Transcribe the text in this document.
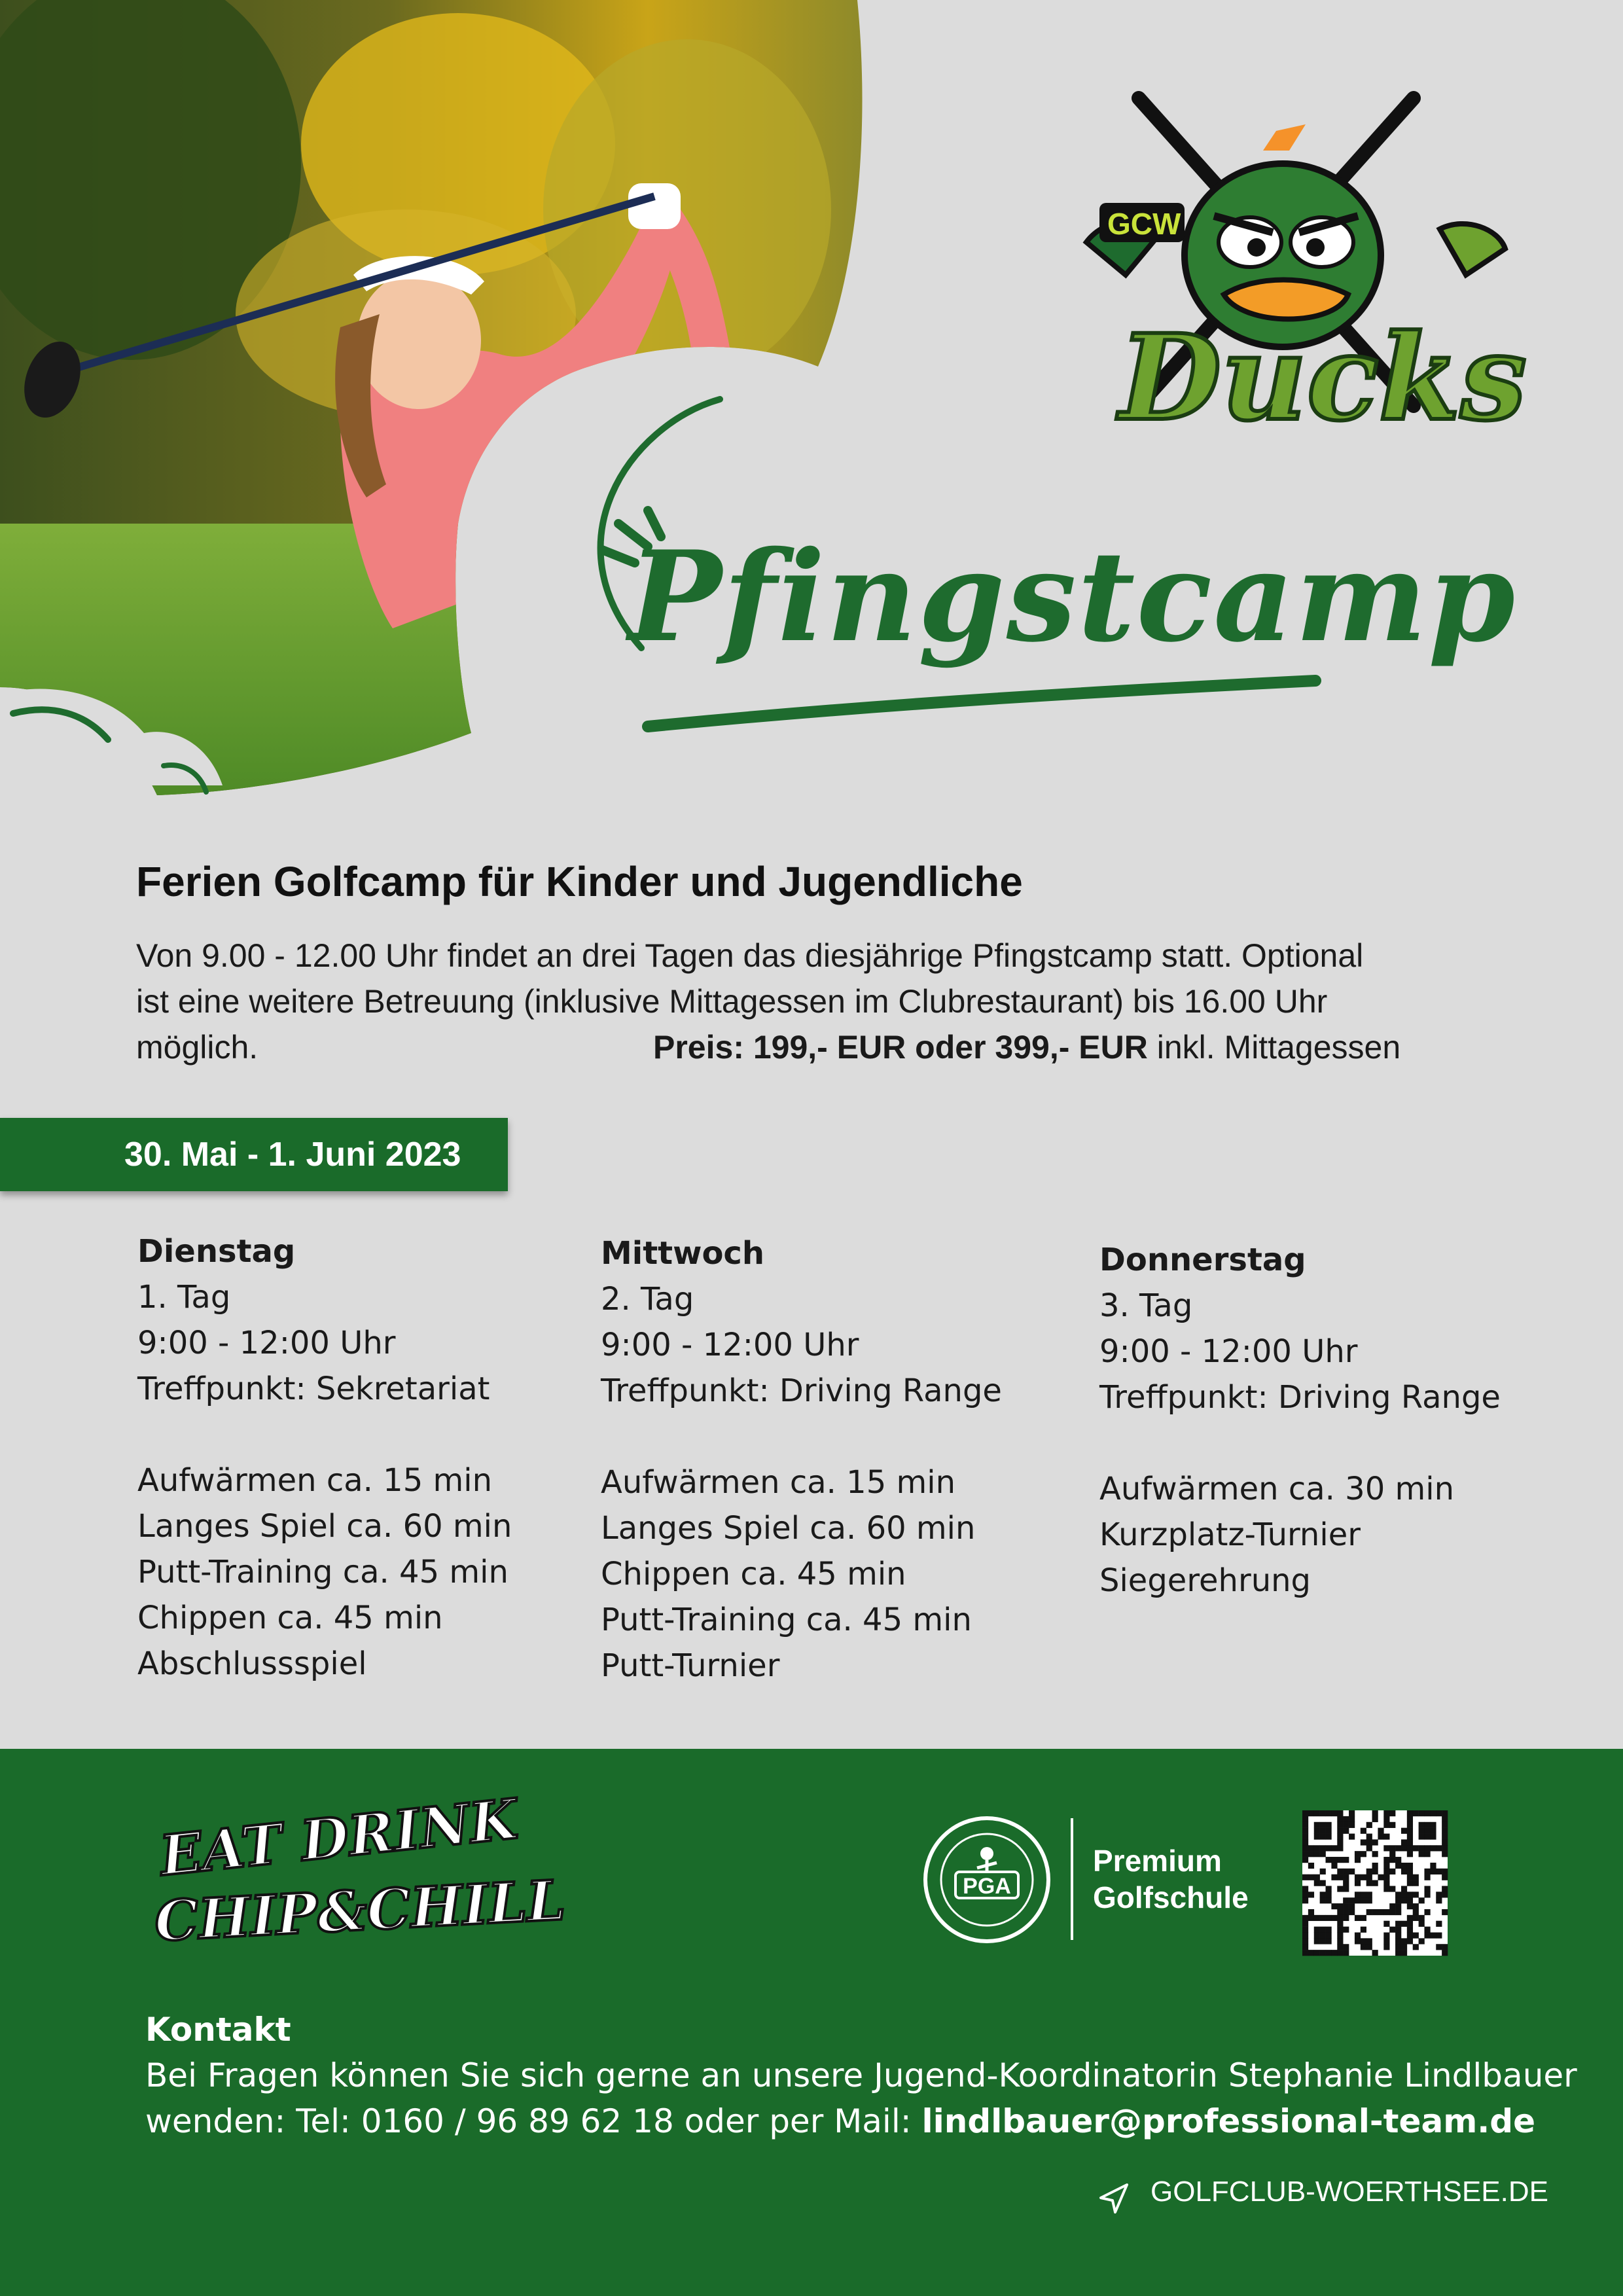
GCW
Ducks
Pfingstcamp
Ferien Golfcamp für Kinder und Jugendliche
Von 9.00 - 12.00 Uhr findet an drei Tagen das diesjährige Pfingstcamp statt. Optional
ist eine weitere Betreuung (inklusive Mittagessen im Clubrestaurant) bis 16.00 Uhr
möglich.	Preis: 199,- EUR oder 399,- EUR inkl. Mittagessen
30. Mai - 1. Juni 2023
Dienstag
1. Tag
9:00 - 12:00 Uhr
Treffpunkt: Sekretariat
Aufwärmen ca. 15 min
Langes Spiel ca. 60 min
Putt-Training ca. 45 min
Chippen ca. 45 min
Abschlussspiel
Mittwoch
2. Tag
9:00 - 12:00 Uhr
Treffpunkt: Driving Range
Aufwärmen ca. 15 min
Langes Spiel ca. 60 min
Chippen ca. 45 min
Putt-Training ca. 45 min
Putt-Turnier
Donnerstag
3. Tag
9:00 - 12:00 Uhr
Treffpunkt: Driving Range
Aufwärmen ca. 30 min
Kurzplatz-Turnier
Siegerehrung
EAT DRINK
CHIP&CHILL	PGA
Premium
Golfschule
Kontakt
Bei Fragen können Sie sich gerne an unsere Jugend-Koordinatorin Stephanie Lindlbauer
wenden: Tel: 0160 / 96 89 62 18 oder per Mail: lindlbauer@professional-team.de
GOLFCLUB-WOERTHSEE.DE
